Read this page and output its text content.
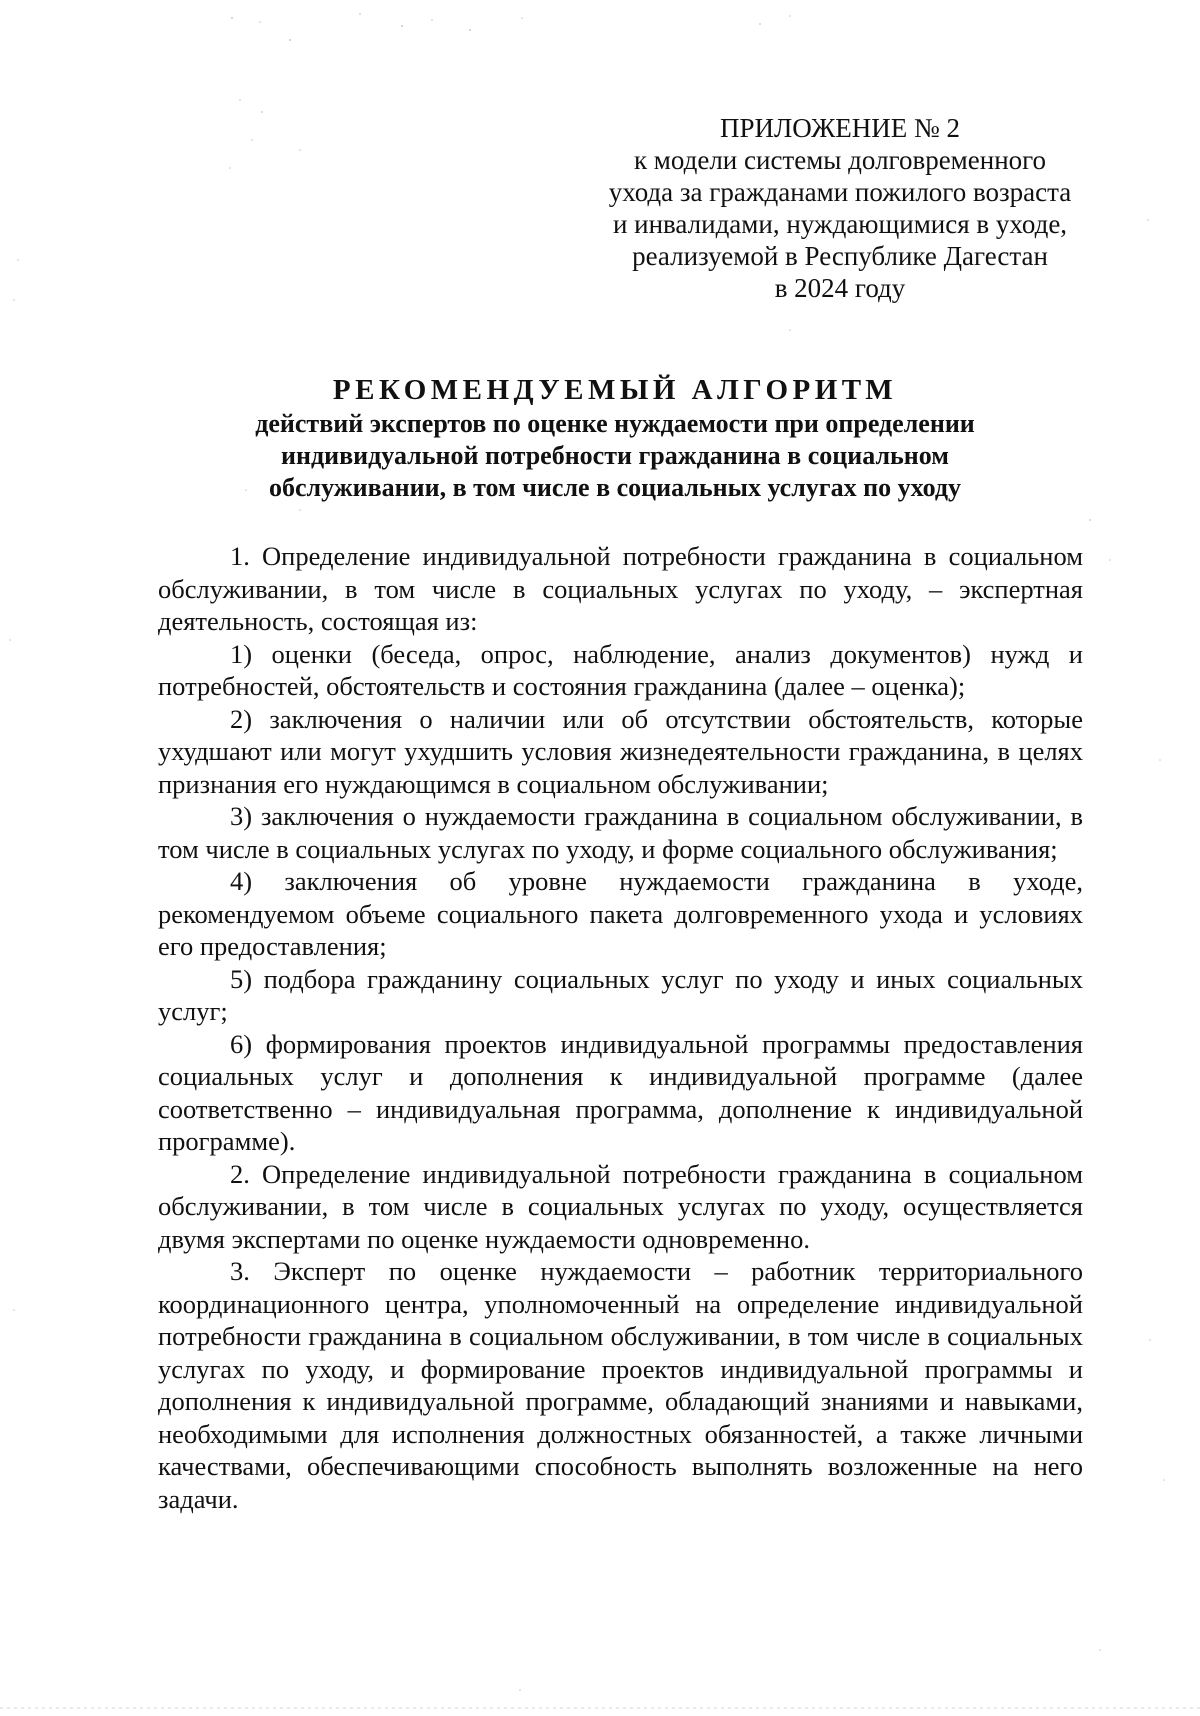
ПРИЛОЖЕНИЕ № 2
к модели системы долговременного
ухода за гражданами пожилого возраста
и инвалидами, нуждающимися в уходе,
реализуемой в Республике Дагестан
в 2024 году
РЕКОМЕНДУЕМЫЙ АЛГОРИТМ
действий экспертов по оценке нуждаемости при определении
индивидуальной потребности гражданина в социальном
обслуживании, в том числе в социальных услугах по уходу

1. Определение индивидуальной потребности гражданина в социальном обслуживании, в том числе в социальных услугах по уходу, – экспертная деятельность, состоящая из:

1) оценки (беседа, опрос, наблюдение, анализ документов) нужд и потребностей, обстоятельств и состояния гражданина (далее – оценка);

2) заключения о наличии или об отсутствии обстоятельств, которые ухудшают или могут ухудшить условия жизнедеятельности гражданина, в целях признания его нуждающимся в социальном обслуживании;

3) заключения о нуждаемости гражданина в социальном обслуживании, в том числе в социальных услугах по уходу, и форме социального обслуживания;

4) заключения об уровне нуждаемости гражданина в уходе, рекомендуемом объеме социального пакета долговременного ухода и условиях его предоставления;

5) подбора гражданину социальных услуг по уходу и иных социальных услуг;

6) формирования проектов индивидуальной программы предоставления социальных услуг и дополнения к индивидуальной программе (далее соответственно – индивидуальная программа, дополнение к индивидуальной программе).

2. Определение индивидуальной потребности гражданина в социальном обслуживании, в том числе в социальных услугах по уходу, осуществляется двумя экспертами по оценке нуждаемости одновременно.

3. Эксперт по оценке нуждаемости – работник территориального координационного центра, уполномоченный на определение индивидуальной потребности гражданина в социальном обслуживании, в том числе в социальных услугах по уходу, и формирование проектов индивидуальной программы и дополнения к индивидуальной программе, обладающий знаниями и навыками, необходимыми для исполнения должностных обязанностей, а также личными качествами, обеспечивающими способность выполнять возложенные на него задачи.
